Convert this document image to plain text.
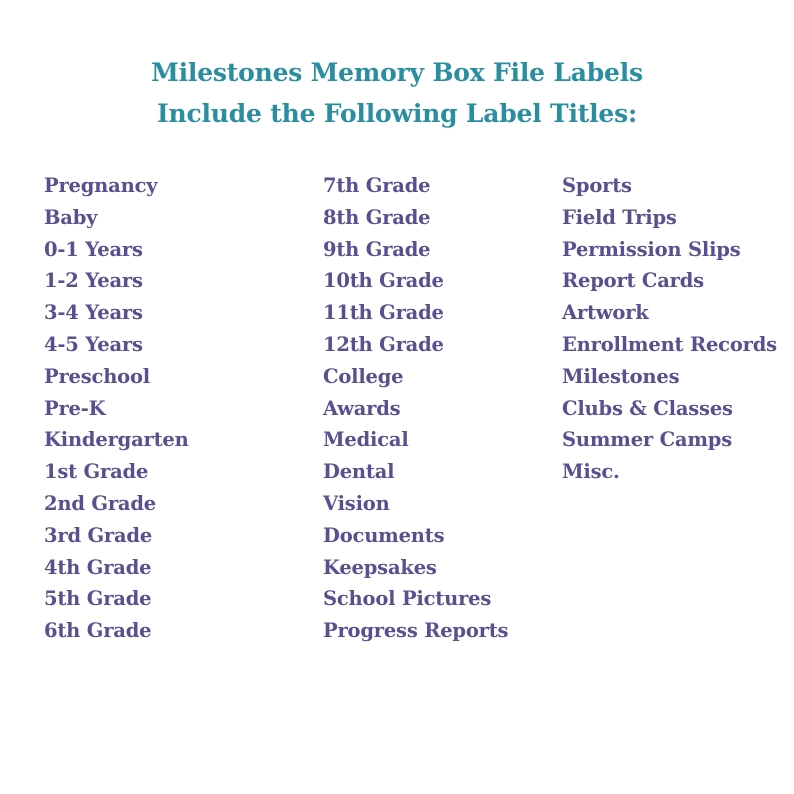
Milestones Memory Box File Labels
Include the Following Label Titles:
Pregnancy
Baby
0-1 Years
1-2 Years
3-4 Years
4-5 Years
Preschool
Pre-K
Kindergarten
1st Grade
2nd Grade
3rd Grade
4th Grade
5th Grade
6th Grade
7th Grade
8th Grade
9th Grade
10th Grade
11th Grade
12th Grade
College
Awards
Medical
Dental
Vision
Documents
Keepsakes
School Pictures
Progress Reports
Sports
Field Trips
Permission Slips
Report Cards
Artwork
Enrollment Records
Milestones
Clubs & Classes
Summer Camps
Misc.
